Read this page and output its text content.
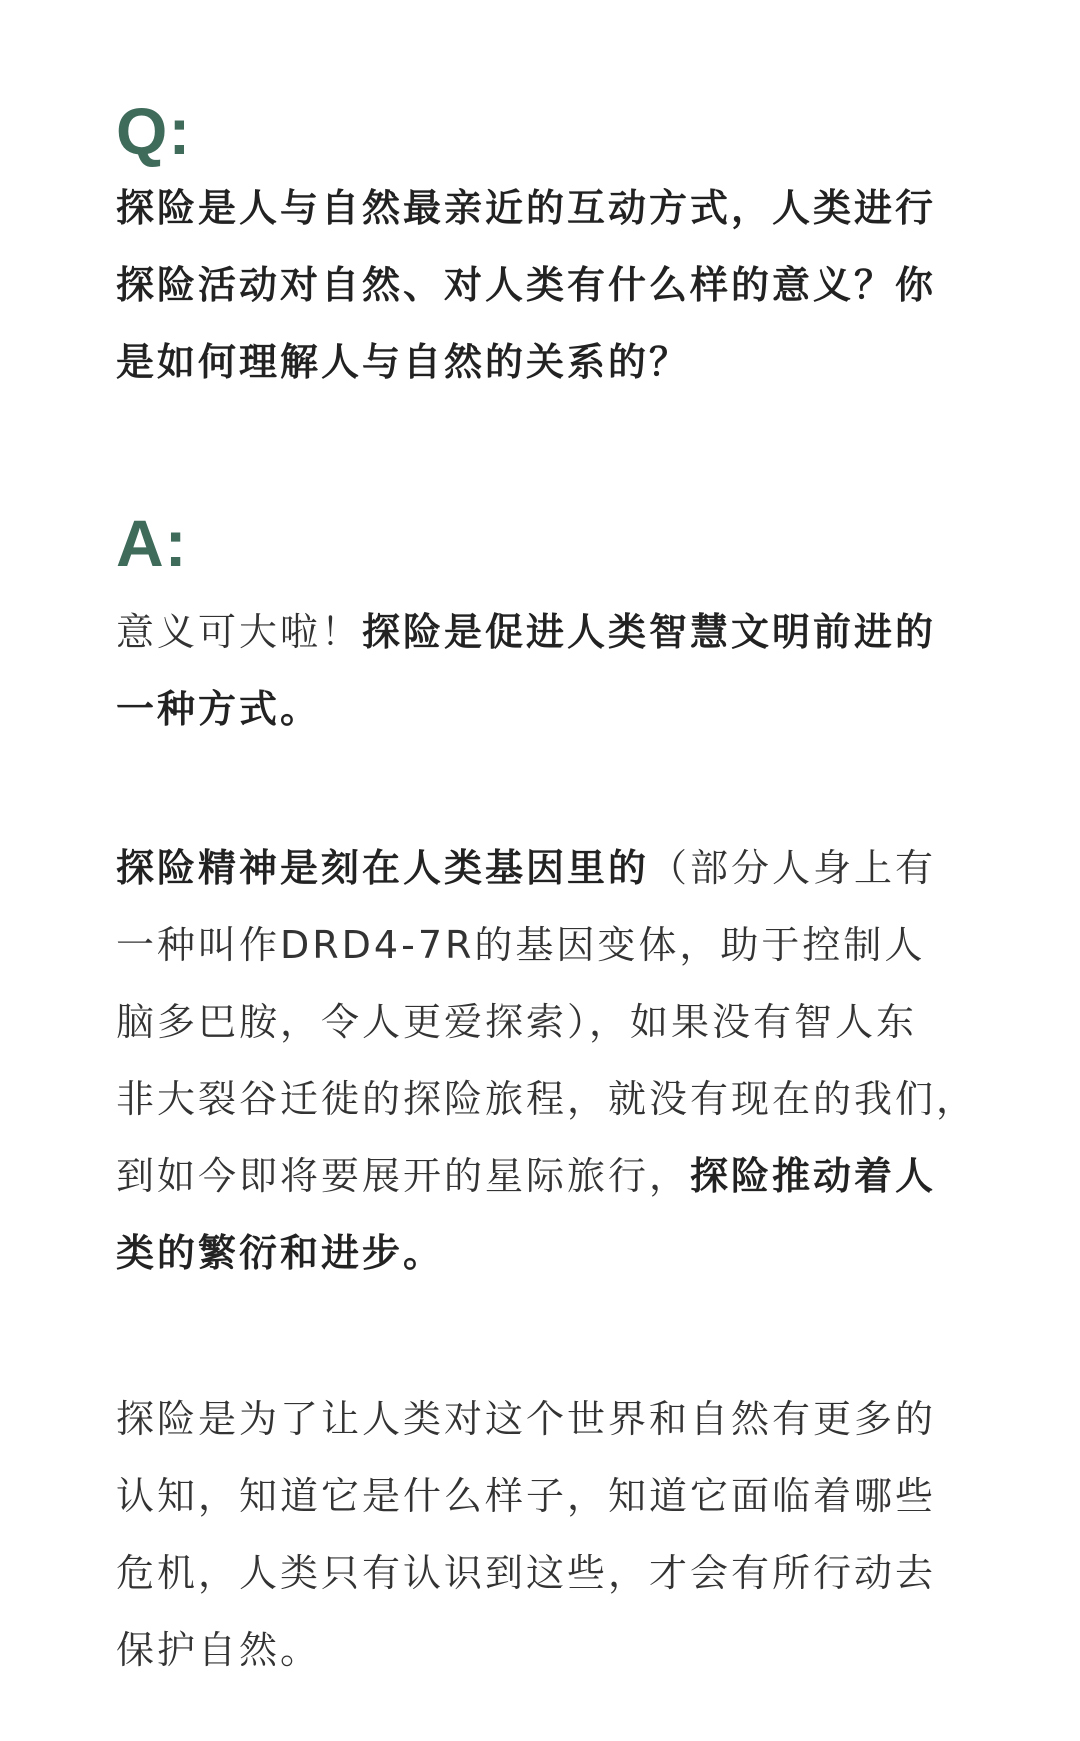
Q:
探险是人与自然最亲近的互动方式，人类进行
探险活动对自然、对人类有什么样的意义？你
是如何理解人与自然的关系的？
A:
意义可大啦！探险是促进人类智慧文明前进的
一种方式。
探险精神是刻在人类基因里的（部分人身上有
一种叫作DRD4-7R的基因变体，助于控制人
脑多巴胺，令人更爱探索），如果没有智人东
非大裂谷迁徙的探险旅程，就没有现在的我们，
到如今即将要展开的星际旅行，探险推动着人
类的繁衍和进步。
探险是为了让人类对这个世界和自然有更多的
认知，知道它是什么样子，知道它面临着哪些
危机，人类只有认识到这些，才会有所行动去
保护自然。
